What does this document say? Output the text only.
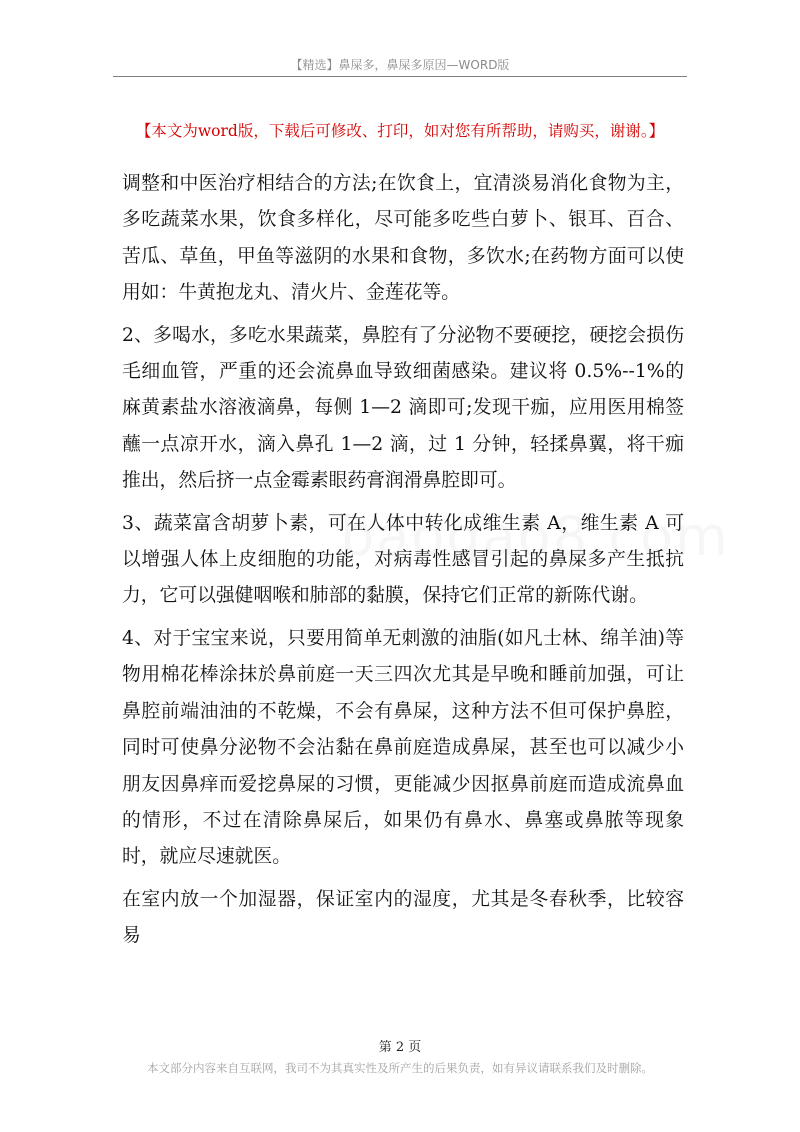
【精选】鼻屎多，鼻屎多原因—WORD版
【本文为word版，下载后可修改、打印，如对您有所帮助，请购买，谢谢。】

调整和中医治疗相结合的方法;在饮食上，宜清淡易消化食物为主，多吃蔬菜水果，饮食多样化，尽可能多吃些白萝卜、银耳、百合、苦瓜、草鱼，甲鱼等滋阴的水果和食物，多饮水;在药物方面可以使用如：牛黄抱龙丸、清火片、金莲花等。

2、多喝水，多吃水果蔬菜，鼻腔有了分泌物不要硬挖，硬挖会损伤毛细血管，严重的还会流鼻血导致细菌感染。建议将 0.5%--1%的麻黄素盐水溶液滴鼻，每侧 1—2 滴即可;发现干痂，应用医用棉签蘸一点凉开水，滴入鼻孔 1—2 滴，过 1 分钟，轻揉鼻翼，将干痂推出，然后挤一点金霉素眼药膏润滑鼻腔即可。

3、蔬菜富含胡萝卜素，可在人体中转化成维生素 A，维生素 A 可以增强人体上皮细胞的功能，对病毒性感冒引起的鼻屎多产生抵抗力，它可以强健咽喉和肺部的黏膜，保持它们正常的新陈代谢。

4、对于宝宝来说，只要用简单无刺激的油脂(如凡士林、绵羊油)等物用棉花棒涂抹於鼻前庭一天三四次尤其是早晚和睡前加强，可让鼻腔前端油油的不乾燥，不会有鼻屎，这种方法不但可保护鼻腔，同时可使鼻分泌物不会沾黏在鼻前庭造成鼻屎，甚至也可以减少小朋友因鼻痒而爱挖鼻屎的习惯，更能减少因抠鼻前庭而造成流鼻血的情形，不过在清除鼻屎后，如果仍有鼻水、鼻塞或鼻脓等现象时，就应尽速就医。

在室内放一个加湿器，保证室内的湿度，尤其是冬春秋季，比较容易

第 2 页
本文部分内容来自互联网，我司不为其真实性及所产生的后果负责，如有异议请联系我们及时删除。
